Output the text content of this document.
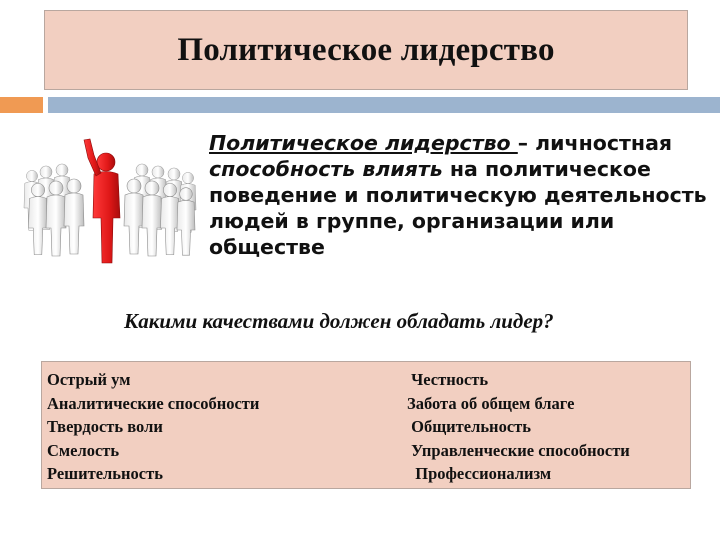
Политическое лидерство
Политическое лидерство – личностная способность влиять на политическое поведение и политическую деятельность людей в группе, организации или обществе
Какими качествами должен обладать лидер?
Острый ум
Аналитические способности
Твердость воли
Смелость
Решительность
Честность
Забота об общем благе
Общительность
Управленческие способности
Профессионализм
